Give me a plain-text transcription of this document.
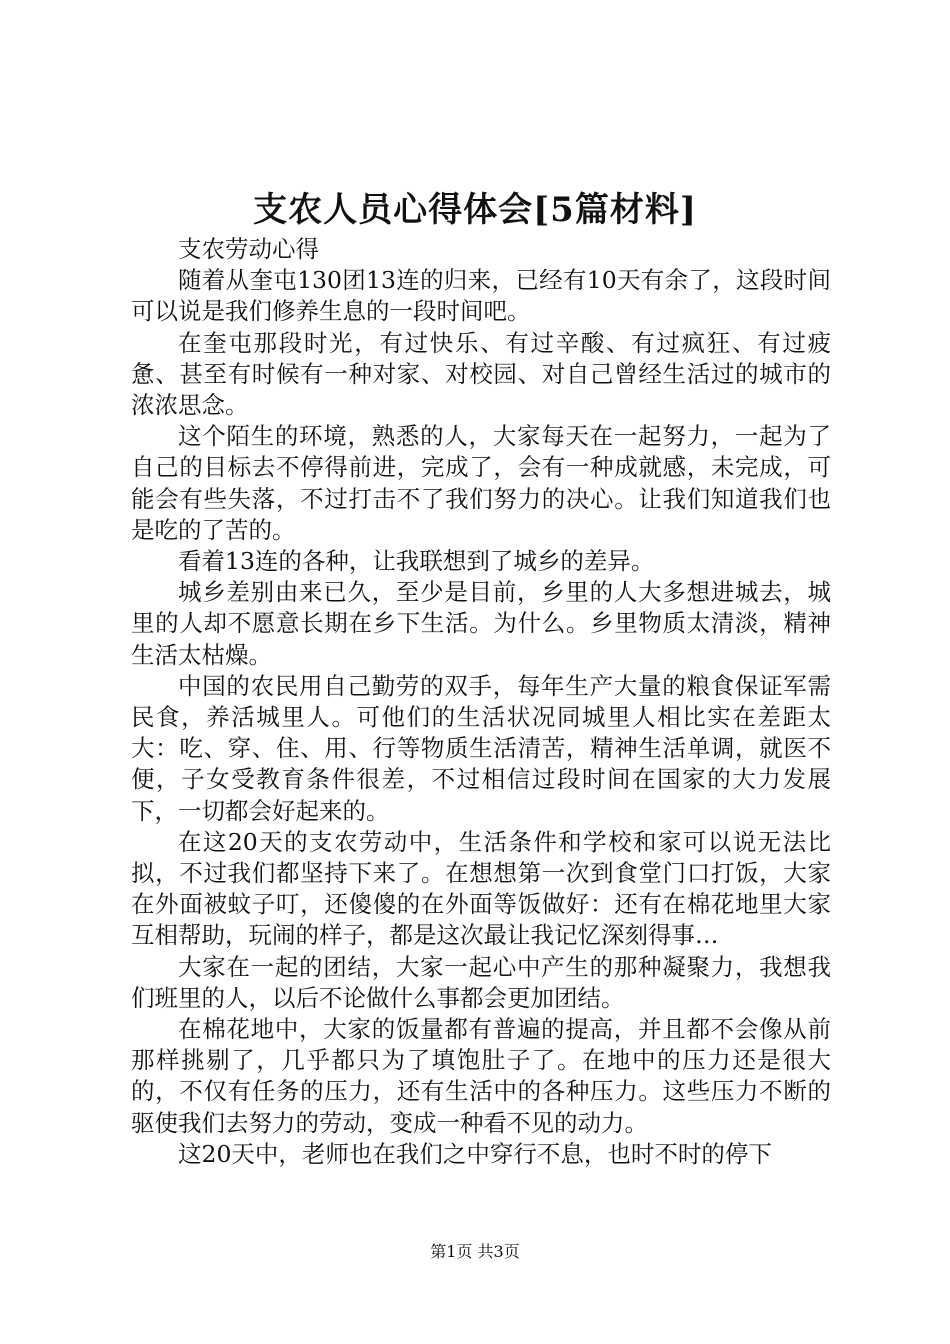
支农人员心得体会[5篇材料]

支农劳动心得

随着从奎屯130团13连的归来，已经有10天有余了，这段时间可以说是我们修养生息的一段时间吧。

在奎屯那段时光，有过快乐、有过辛酸、有过疯狂、有过疲惫、甚至有时候有一种对家、对校园、对自己曾经生活过的城市的浓浓思念。

这个陌生的环境，熟悉的人，大家每天在一起努力，一起为了自己的目标去不停得前进，完成了，会有一种成就感，未完成，可能会有些失落，不过打击不了我们努力的决心。让我们知道我们也是吃的了苦的。

看着13连的各种，让我联想到了城乡的差异。

城乡差别由来已久，至少是目前，乡里的人大多想进城去，城里的人却不愿意长期在乡下生活。为什么。乡里物质太清淡，精神生活太枯燥。

中国的农民用自己勤劳的双手，每年生产大量的粮食保证军需民食，养活城里人。可他们的生活状况同城里人相比实在差距太大：吃、穿、住、用、行等物质生活清苦，精神生活单调，就医不便，子女受教育条件很差，不过相信过段时间在国家的大力发展下，一切都会好起来的。

在这20天的支农劳动中，生活条件和学校和家可以说无法比拟，不过我们都坚持下来了。在想想第一次到食堂门口打饭，大家在外面被蚊子叮，还傻傻的在外面等饭做好：还有在棉花地里大家互相帮助，玩闹的样子，都是这次最让我记忆深刻得事…

大家在一起的团结，大家一起心中产生的那种凝聚力，我想我们班里的人，以后不论做什么事都会更加团结。

在棉花地中，大家的饭量都有普遍的提高，并且都不会像从前那样挑剔了，几乎都只为了填饱肚子了。在地中的压力还是很大的，不仅有任务的压力，还有生活中的各种压力。这些压力不断的驱使我们去努力的劳动，变成一种看不见的动力。

这20天中，老师也在我们之中穿行不息，也时不时的停下

第1页 共3页
